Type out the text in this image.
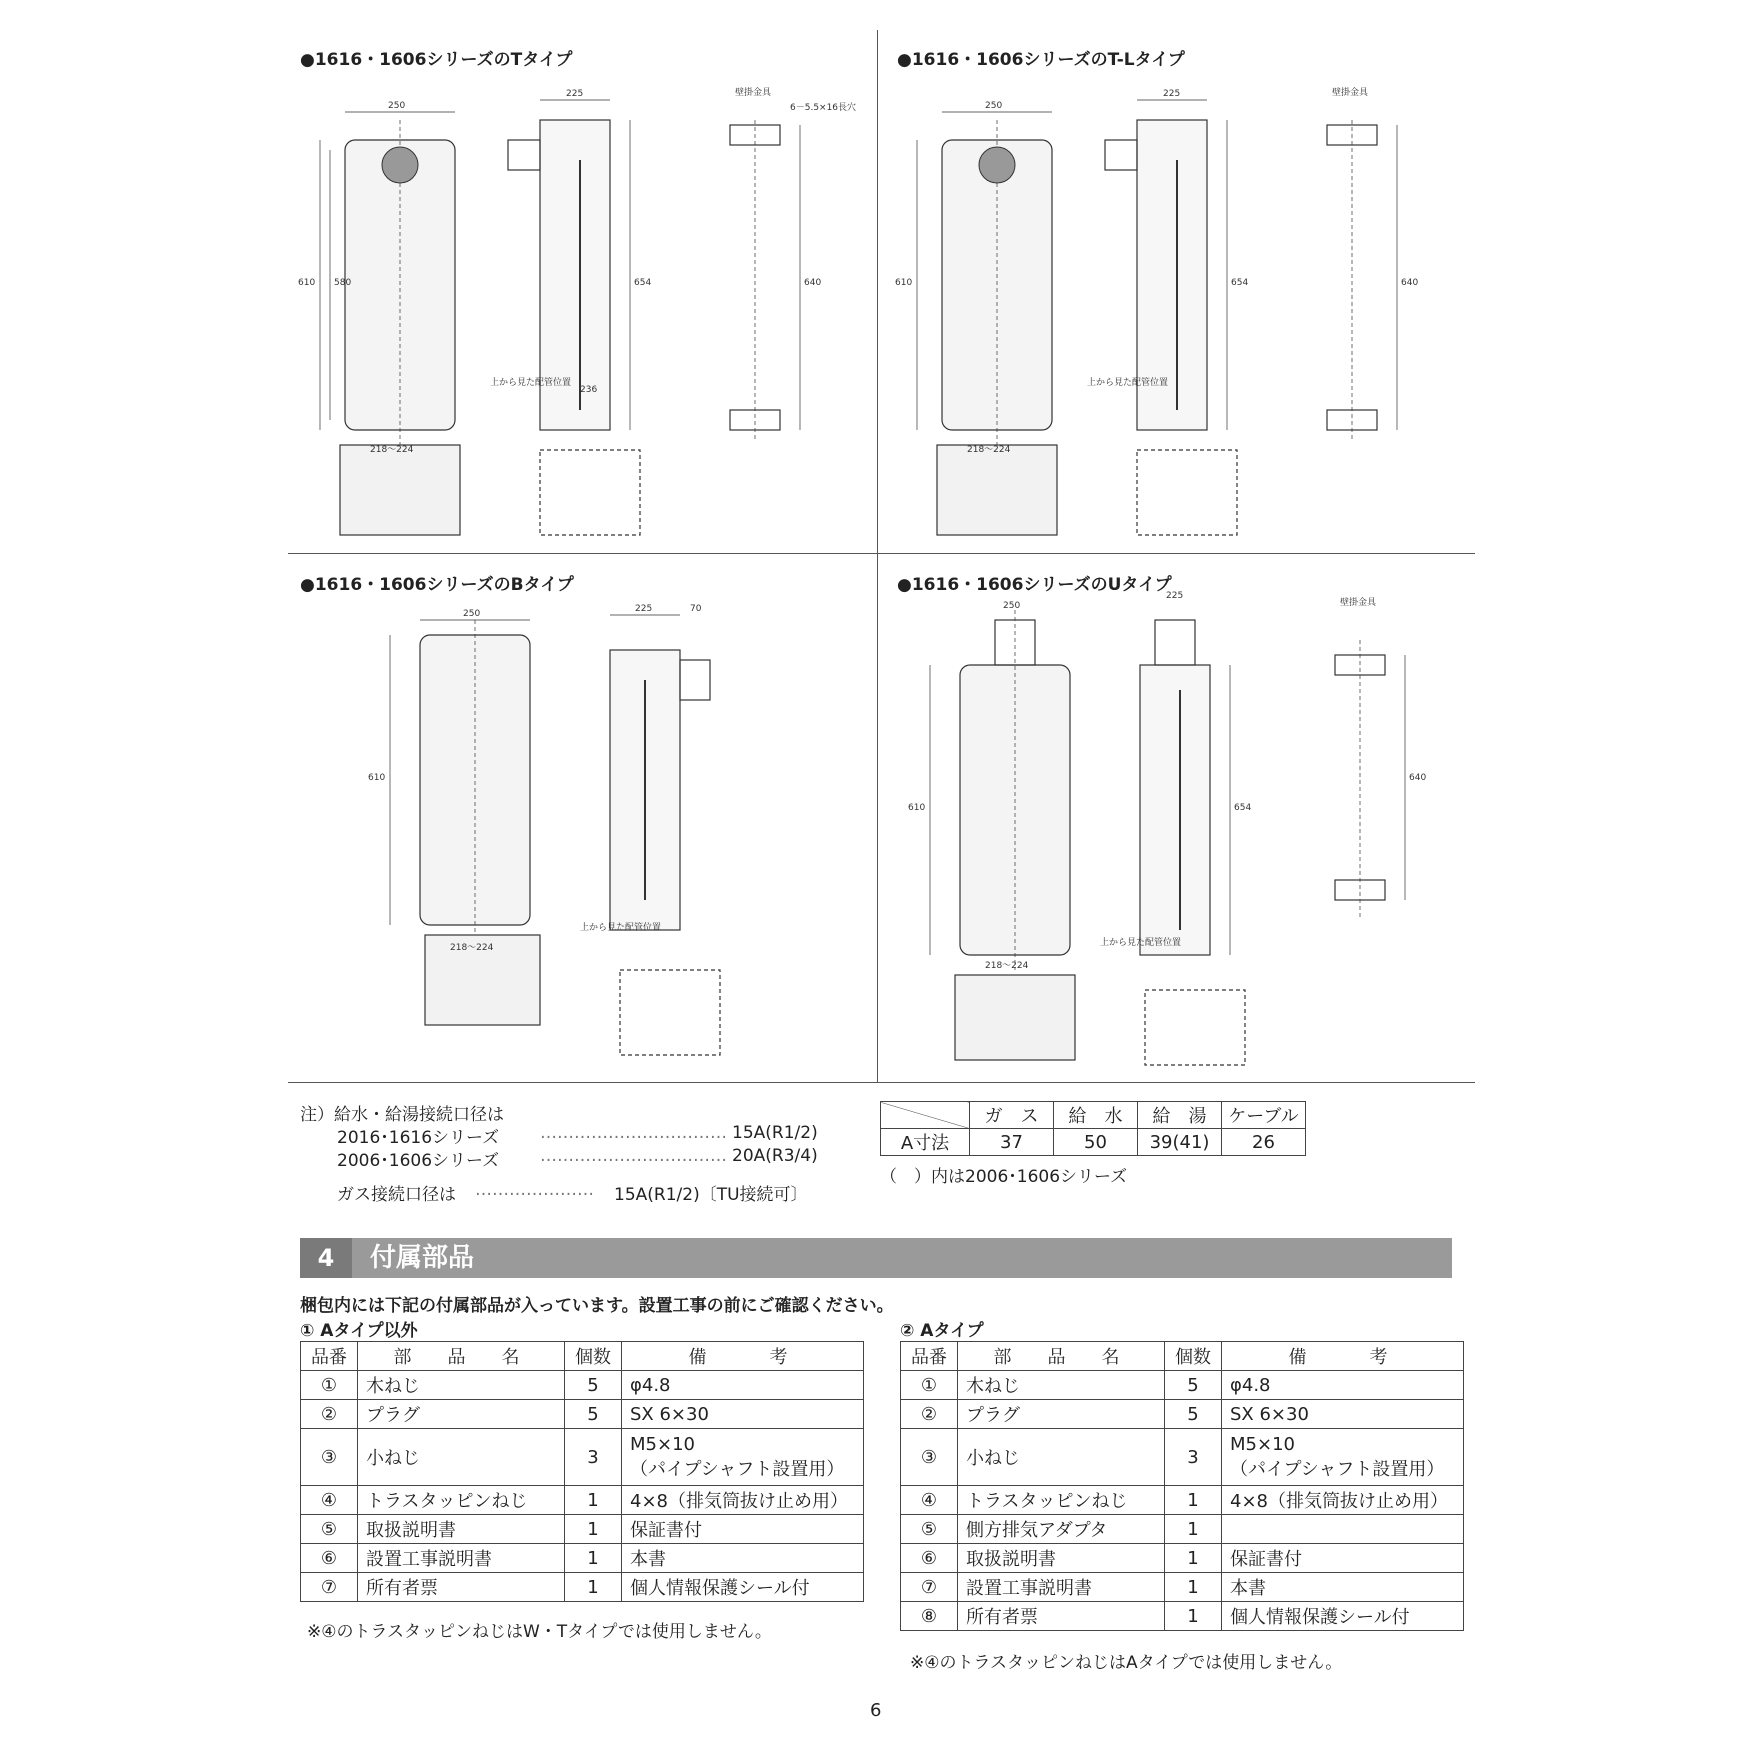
●1616・1606シリーズのTタイプ	●1616・1606シリーズのT-Lタイプ
●1616・1606シリーズのBタイプ	●1616・1606シリーズのUタイプ
250
225
610 580	654	640
壁掛金具
6－5.5×16長穴
218～224
上から見た配管位置
236
250
225
610	654	640
壁掛金具
218～224
上から見た配管位置
250	225	70
610
218～224
上から見た配管位置
250
225
610	654
640
壁掛金具
218～224
上から見た配管位置
注）給水・給湯接続口径は
2016･1616シリーズ …………………………… 15A(R1/2)
2006･1606シリーズ …………………………… 20A(R3/4)
ガス接続口径は ………………… 15A(R1/2)〔TU接続可〕
	ガ　ス	給　水	給　湯	ケーブル
A寸法	37	50	39(41)	26
（　）内は2006･1606シリーズ
4	付属部品
梱包内には下記の付属部品が入っています。設置工事の前にご確認ください。
① Aタイプ以外	② Aタイプ
品番	部　品　名	個数	備　　考
①	木ねじ	5	φ4.8
②	プラグ	5	SX 6×30
③	小ねじ	3	M5×10
（パイプシャフト設置用）

④	トラスタッピンねじ	1	4×8（排気筒抜け止め用）
⑤	取扱説明書	1	保証書付
⑥	設置工事説明書	1	本書
⑦	所有者票	1	個人情報保護シール付
※④のトラスタッピンねじはW・Tタイプでは使用しません。
品番	部　品　名	個数	備　　考
①	木ねじ	5	φ4.8
②	プラグ	5	SX 6×30
③	小ねじ	3	M5×10
（パイプシャフト設置用）

④	トラスタッピンねじ	1	4×8（排気筒抜け止め用）
⑤	側方排気アダプタ	1	
⑥	取扱説明書	1	保証書付
⑦	設置工事説明書	1	本書
⑧	所有者票	1	個人情報保護シール付
※④のトラスタッピンねじはAタイプでは使用しません。
6
